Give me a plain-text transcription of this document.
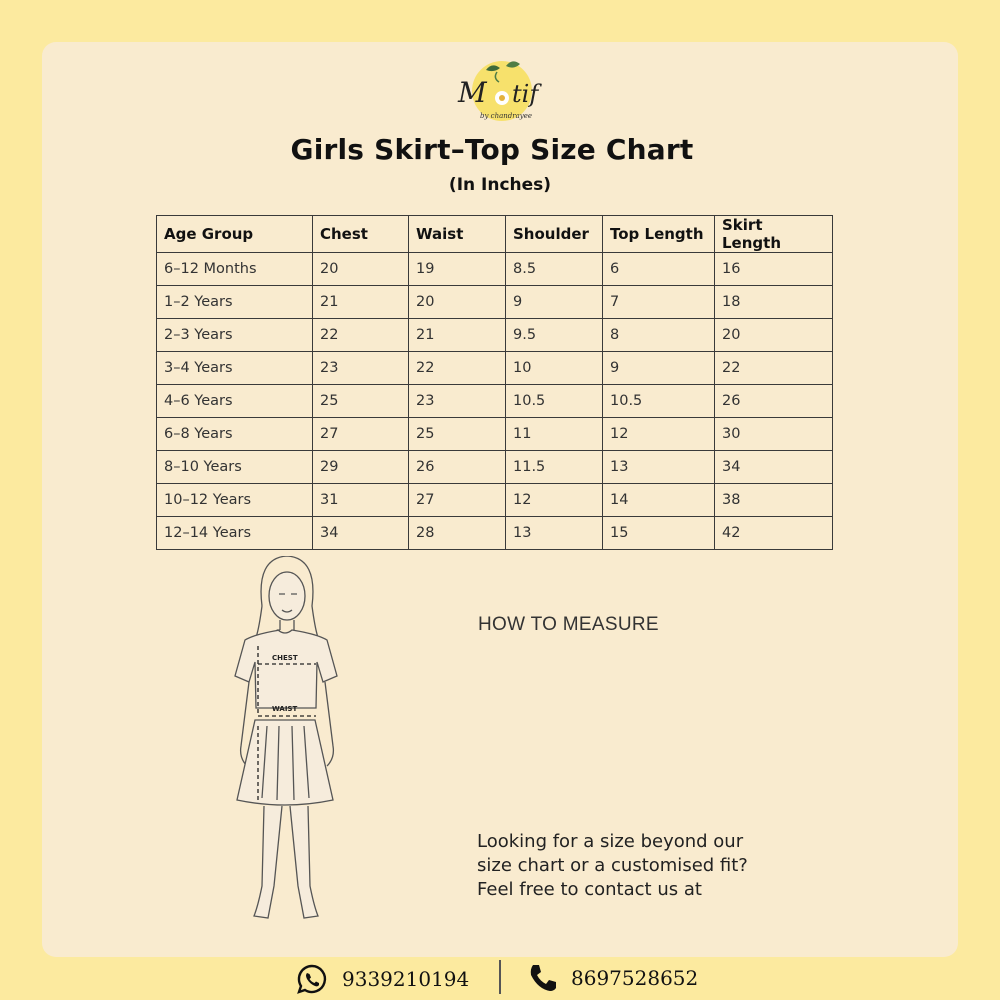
M tif
by chandrayee
Girls Skirt–Top Size Chart
(In Inches)
Age Group	Chest	Waist	Shoulder	Top Length	Skirt Length
6–12 Months	20	19	8.5	6	16
1–2 Years	21	20	9	7	18
2–3 Years	22	21	9.5	8	20
3–4 Years	23	22	10	9	22
4–6 Years	25	23	10.5	10.5	26
6–8 Years	27	25	11	12	30
8–10 Years	29	26	11.5	13	34
10–12 Years	31	27	12	14	38
12–14 Years	34	28	13	15	42
CHEST
WAIST
HOW TO MEASURE
Looking for a size beyond our
size chart or a customised fit?
Feel free to contact us at
9339210194	8697528652
